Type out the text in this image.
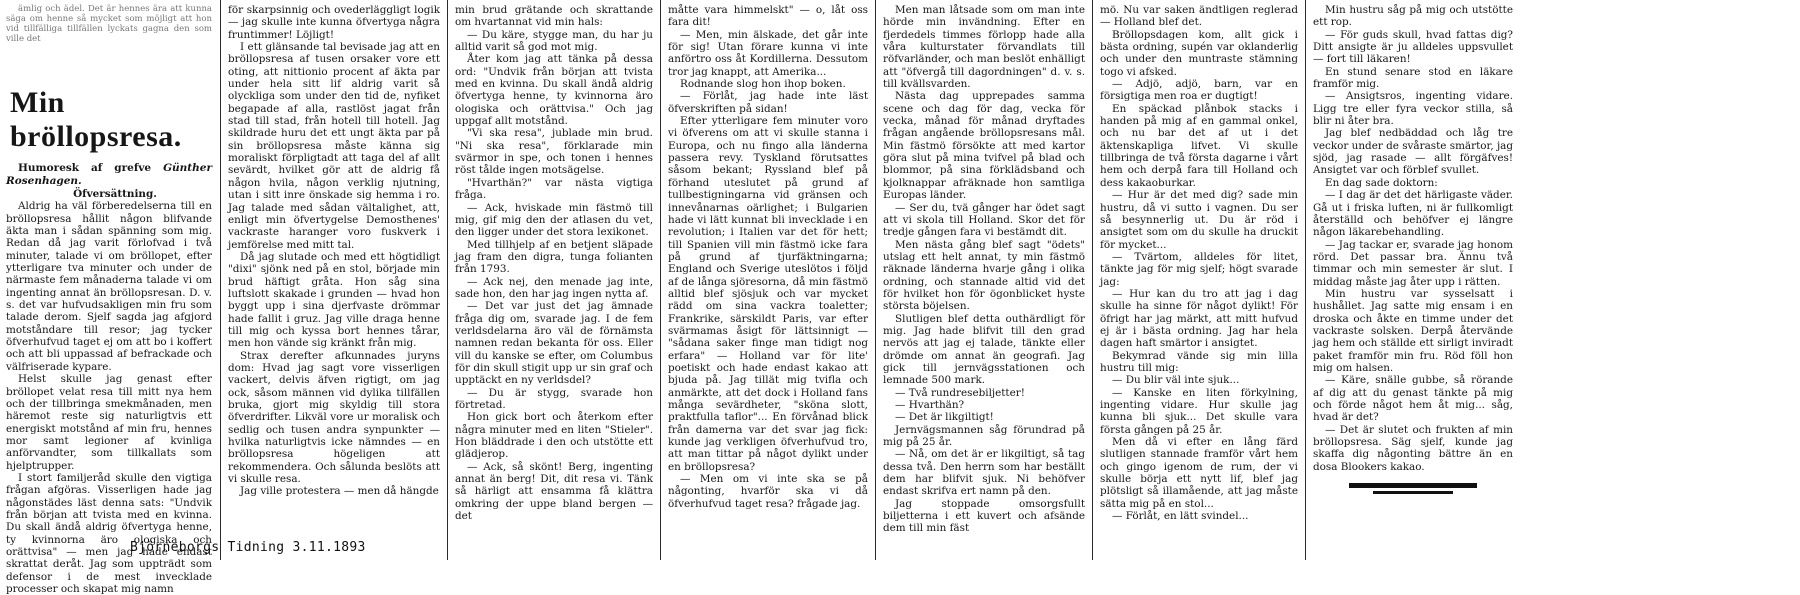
ämlig och ädel. Det är hennes ära att kunna säga om henne så mycket som möjligt att hon vid tillfälliga tillfällen lyckats gagna den som ville det

Min bröllopsresa.

Humoresk af grefve Günther Rosenhagen.

Öfversättning.

Aldrig ha väl förberedelserna till en bröllopsresa hållit någon blifvande äkta man i sådan spänning som mig. Redan då jag varit förlofvad i två minuter, talade vi om bröllopet, efter ytterligare tva minuter och under de närmaste fem månaderna talade vi om ingenting annat än bröllopsresan. D. v. s. det var hufvudsakligen min fru som talade derom. Sjelf sagda jag afgjord motståndare till resor; jag tycker öfverhufvud taget ej om att bo i koffert och att bli uppassad af befrackade och välfriserade kypare.

Helst skulle jag genast efter bröllopet velat resa till mitt nya hem och der tillbringa smekmånaden, men häremot reste sig naturligtvis ett energiskt motstånd af min fru, hennes mor samt legioner af kvinliga anförvandter, som tillkallats som hjelptrupper.

I stort familjeråd skulle den vigtiga frågan afgöras. Visserligen hade jag någonstädes läst denna sats: "Undvik från början att tvista med en kvinna. Du skall ändå aldrig öfvertyga henne, ty kvinnorna äro ologiska och orättvisa" — men jag hade endast skrattat deråt. Jag som uppträdt som defensor i de mest invecklade processer och skapat mig namn

för skarpsinnig och ovederläggligt logik — jag skulle inte kunna öfvertyga några fruntimmer! Löjligt!

I ett glänsande tal bevisade jag att en bröllopsresa af tusen orsaker vore ett oting, att nittionio procent af äkta par under hela sitt lif aldrig varit så olyckliga som under den tid de, nyfiket begapade af alla, rastlöst jagat från stad till stad, från hotell till hotell. Jag skildrade huru det ett ungt äkta par på sin bröllopsresa måste känna sig moraliskt förpligtadt att taga del af allt sevärdt, hvilket gör att de aldrig få någon hvila, någon verklig njutning, utan i sitt inre önskade sig hemma i ro. Jag talade med sådan vältalighet, att, enligt min öfvertygelse Demosthenes' vackraste haranger voro fuskverk i jemförelse med mitt tal.

Då jag slutade och med ett högtidligt "dixi" sjönk ned på en stol, började min brud häftigt gråta. Hon såg sina luftslott skakade i grunden — hvad hon byggt upp i sina djerfvaste drömmar hade fallit i gruz. Jag ville draga henne till mig och kyssa bort hennes tårar, men hon vände sig kränkt från mig.

Strax derefter afkunnades juryns dom: Hvad jag sagt vore visserligen vackert, delvis äfven rigtigt, om jag ock, såsom männen vid dylika tillfällen bruka, gjort mig skyldig till stora öfverdrifter. Likväl vore ur moralisk och sedlig och tusen andra synpunkter — hvilka naturligtvis icke nämndes — en bröllopsresa högeligen att rekommendera. Och sålunda beslöts att vi skulle resa.

Jag ville protestera — men då hängde

min brud grätande och skrattande om hvartannat vid min hals:

— Du käre, stygge man, du har ju alltid varit så god mot mig.

Åter kom jag att tänka på dessa ord: "Undvik från början att tvista med en kvinna. Du skall ändå aldrig öfvertyga henne, ty kvinnorna äro ologiska och orättvisa." Och jag uppgaf allt motstånd.

"Vi ska resa", jublade min brud. "Ni ska resa", förklarade min svärmor in spe, och tonen i hennes röst tålde ingen motsägelse.

"Hvarthän?" var nästa vigtiga fråga.

— Ack, hviskade min fästmö till mig, gif mig den der atlasen du vet, den ligger under det stora lexikonet.

Med tillhjelp af en betjent släpade jag fram den digra, tunga folianten från 1793.

— Ack nej, den menade jag inte, sade hon, den har jag ingen nytta af.

— Det var just det jag ämnade fråga dig om, svarade jag. I de fem verldsdelarna äro väl de förnämsta namnen redan bekanta för oss. Eller vill du kanske se efter, om Columbus för din skull stigit upp ur sin graf och upptäckt en ny verldsdel?

— Du är stygg, svarade hon förtretad.

Hon gick bort och återkom efter några minuter med en liten "Stieler". Hon bläddrade i den och utstötte ett glädjerop.

— Ack, så skönt! Berg, ingenting annat än berg! Dit, dit resa vi. Tänk så härligt att ensamma få klättra omkring der uppe bland bergen — det

måtte vara himmelskt" — o, låt oss fara dit!

— Men, min älskade, det går inte för sig! Utan förare kunna vi inte anförtro oss åt Kordillerna. Dessutom tror jag knappt, att Amerika...

Rodnande slog hon ihop boken.

— Förlåt, jag hade inte läst öfverskriften på sidan!

Efter ytterligare fem minuter voro vi öfverens om att vi skulle stanna i Europa, och nu fingo alla länderna passera revy. Tyskland förutsattes såsom bekant; Ryssland blef på förhand uteslutet på grund af tullbestigningarna vid gränsen och innevånarnas oärlighet; i Bulgarien hade vi lätt kunnat bli invecklade i en revolution; i Italien var det för hett; till Spanien vill min fästmö icke fara på grund af tjurfäktningarna; England och Sverige uteslötos i följd af de långa sjöresorna, då min fästmö alltid blef sjösjuk och var mycket rädd om sina vackra toaletter; Frankrike, särskildt Paris, var efter svärmamas åsigt för lättsinnigt — "sådana saker finge man tidigt nog erfara" — Holland var för lite' poetiskt och hade endast kakao att bjuda på. Jag tillät mig tvifla och anmärkte, att det dock i Holland fans många sevärdheter, "sköna slott, praktfulla taflor"... En förvånad blick från damerna var det svar jag fick: kunde jag verkligen öfverhufvud tro, att man tittar på något dylikt under en bröllopsresa?

— Men om vi inte ska se på någonting, hvarför ska vi då öfverhufvud taget resa? frågade jag.

Men man låtsade som om man inte hörde min invändning. Efter en fjerdedels timmes förlopp hade alla våra kulturstater förvandlats till röfvarländer, och man beslöt enhälligt att "öfvergå till dagordningen" d. v. s. till kvällsvarden.

Nästa dag upprepades samma scene och dag för dag, vecka för vecka, månad för månad dryftades frågan angående bröllopsresans mål. Min fästmö försökte att med kartor göra slut på mina tvifvel på blad och blommor, på sina förklädsband och kjolknappar afräknade hon samtliga Europas länder.

— Ser du, tvä gånger har ödet sagt att vi skola till Holland. Skor det för tredje gången fara vi bestämdt dit.

Men nästa gång blef sagt "ödets" utslag ett helt annat, ty min fästmö räknade länderna hvarje gång i olika ordning, och stannade altid vid det för hvilket hon för ögonblicket hyste största böjelsen.

Slutligen blef detta outhärdligt för mig. Jag hade blifvit till den grad nervös att jag ej talade, tänkte eller drömde om annat än geografi. Jag gick till jernvägsstationen och lemnade 500 mark.

— Två rundresebiljetter!

— Hvarthän?

— Det är likgiltigt!

Jernvägsmannen såg förundrad på mig på 25 år.

— Nå, om det är er likgiltigt, så tag dessa två. Den herrn som har beställt dem har blifvit sjuk. Ni behöfver endast skrifva ert namn på den.

Jag stoppade omsorgsfullt biljetterna i ett kuvert och afsände dem till min fäst

mö. Nu var saken ändtligen reglerad — Holland blef det.

Bröllopsdagen kom, allt gick i bästa ordning, supén var oklanderlig och under den muntraste stämning togo vi afsked.

— Adjö, adjö, barn, var en försigtiga men roa er dugtigt!

En späckad plånbok stacks i handen på mig af en gammal onkel, och nu bar det af ut i det äktenskapliga lifvet. Vi skulle tillbringa de två första dagarne i vårt hem och derpå fara till Holland och dess kakaoburkar.

— Hur är det med dig? sade min hustru, då vi sutto i vagnen. Du ser så besynnerlig ut. Du är röd i ansigtet som om du skulle ha druckit för mycket...

— Tvärtom, alldeles för litet, tänkte jag för mig sjelf; högt svarade jag:

— Hur kan du tro att jag i dag skulle ha sinne för något dylikt! För öfrigt har jag märkt, att mitt hufvud ej är i bästa ordning. Jag har hela dagen haft smärtor i ansigtet.

Bekymrad vände sig min lilla hustru till mig:

— Du blir väl inte sjuk...

— Kanske en liten förkylning, ingenting vidare. Hur skulle jag kunna bli sjuk... Det skulle vara första gången på 25 år.

Men då vi efter en lång färd slutligen stannade framför vårt hem och gingo igenom de rum, der vi skulle börja ett nytt lif, blef jag plötsligt så illamående, att jag måste sätta mig på en stol...

— Förlåt, en lätt svindel...

Min hustru såg på mig och utstötte ett rop.

— För guds skull, hvad fattas dig? Ditt ansigte är ju alldeles uppsvullet — fort till läkaren!

En stund senare stod en läkare framför mig.

— Ansigtsros, ingenting vidare. Ligg tre eller fyra veckor stilla, så blir ni åter bra.

Jag blef nedbäddad och låg tre veckor under de svåraste smärtor, jag sjöd, jag rasade — allt förgäfves! Ansigtet var och förblef svullet.

En dag sade doktorn:

— I dag är det det härligaste väder. Gå ut i friska luften, ni är fullkomligt återställd och behöfver ej längre någon läkarebehandling.

— Jag tackar er, svarade jag honom rörd. Det passar bra. Ännu två timmar och min semester är slut. I middag måste jag åter upp i rätten.

Min hustru var sysselsatt i hushållet. Jag satte mig ensam i en droska och åkte en timme under det vackraste solsken. Derpå återvände jag hem och ställde ett sirligt inviradt paket framför min fru. Röd föll hon mig om halsen.

— Käre, snälle gubbe, så rörande af dig att du genast tänkte på mig och förde något hem åt mig... såg, hvad är det?

— Det är slutet och frukten af min bröllopsresa. Säg sjelf, kunde jag skaffa dig någonting bättre än en dosa Blookers kakao.

Björneborgs Tidning 3.11.1893
